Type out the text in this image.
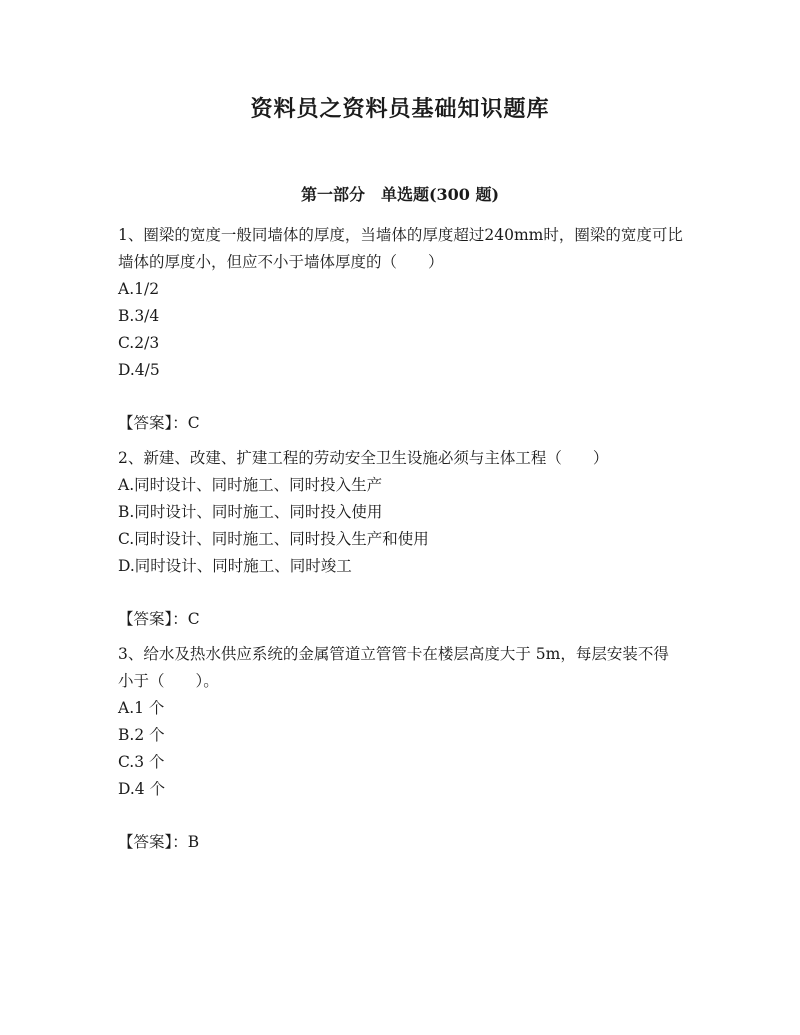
资料员之资料员基础知识题库
第一部分　单选题(300 题)

1、圈梁的宽度一般同墙体的厚度，当墙体的厚度超过240mm时，圈梁的宽度可比墙体的厚度小，但应不小于墙体厚度的（　　）

A.1/2

B.3/4

C.2/3

D.4/5

【答案】：C

2、新建、改建、扩建工程的劳动安全卫生设施必须与主体工程（　　）

A.同时设计、同时施工、同时投入生产

B.同时设计、同时施工、同时投入使用

C.同时设计、同时施工、同时投入生产和使用

D.同时设计、同时施工、同时竣工

【答案】：C

3、给水及热水供应系统的金属管道立管管卡在楼层高度大于 5m，每层安装不得小于（　　）。

A.1 个

B.2 个

C.3 个

D.4 个

【答案】：B
